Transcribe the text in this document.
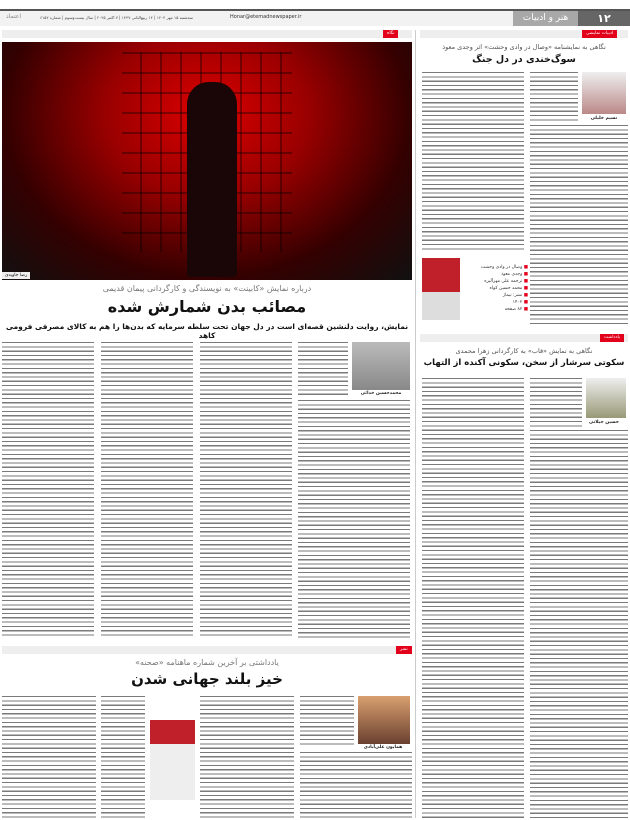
۱۲
هنر و ادبیات
Honar@etemadnewspaper.ir
سه‌شنبه ۱۵ مهر ۱۴۰۴ | ۱۴ ربیع‌الثانی ۱۴۴۷ | ۷ اکتبر ۲۰۲۵ | سال بیست‌وسوم | شماره ۶۱۵۲
اعتماد
نگاه
رضا جاویدی
درباره نمایش «کابینت» به نویسندگی و کارگردانی پیمان قدیمی
مصائب بدن شمارش شده
نمایش، روایت دلنشین قصه‌ای است در دل جهان تحت سلطه سرمایه که بدن‌ها را هم به کالای مصرفی فرومی کاهد
محمدحسین خدائی
نشر
یادداشتی بر آخرین شماره ماهنامه «صحنه»
خیز بلند جهانی شدن
همایون علی‌آبادی
ادبیات نمایشی
نگاهی به نمایشنامه «وصال در وادی وحشت» اثر وجدی معوذ
سوگ‌خندی در دل جنگ
نسیم خلیلی
■ وصال در وادی وحشت
■ وجدی معوذ
■ ترجمه علی مهرآلیزه
■ محمد حسین کواه
■ نشر: نیماژ
■ ۱۴۰۲
■ ۸۲ صفحه
یادداشت
نگاهی به نمایش «قاب» به کارگردانی زهرا محمدی
سکوتی سرشار از سخن، سکونی آکنده از التهاب
حسین جیلانی
